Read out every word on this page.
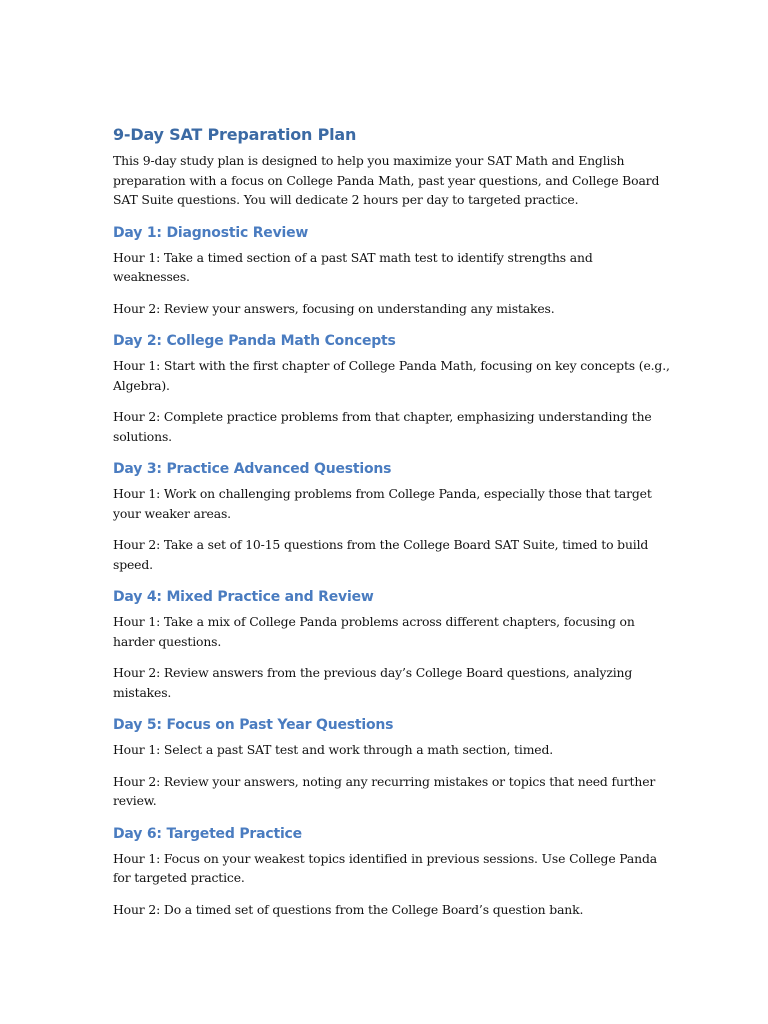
9-Day SAT Preparation Plan

This 9-day study plan is designed to help you maximize your SAT Math and English preparation with a focus on College Panda Math, past year questions, and College Board SAT Suite questions. You will dedicate 2 hours per day to targeted practice.

Day 1: Diagnostic Review

Hour 1: Take a timed section of a past SAT math test to identify strengths and weaknesses.

Hour 2: Review your answers, focusing on understanding any mistakes.

Day 2: College Panda Math Concepts

Hour 1: Start with the first chapter of College Panda Math, focusing on key concepts (e.g., Algebra).

Hour 2: Complete practice problems from that chapter, emphasizing understanding the solutions.

Day 3: Practice Advanced Questions

Hour 1: Work on challenging problems from College Panda, especially those that target your weaker areas.

Hour 2: Take a set of 10-15 questions from the College Board SAT Suite, timed to build speed.

Day 4: Mixed Practice and Review

Hour 1: Take a mix of College Panda problems across different chapters, focusing on harder questions.

Hour 2: Review answers from the previous day’s College Board questions, analyzing mistakes.

Day 5: Focus on Past Year Questions

Hour 1: Select a past SAT test and work through a math section, timed.

Hour 2: Review your answers, noting any recurring mistakes or topics that need further review.

Day 6: Targeted Practice

Hour 1: Focus on your weakest topics identified in previous sessions. Use College Panda for targeted practice.

Hour 2: Do a timed set of questions from the College Board’s question bank.
